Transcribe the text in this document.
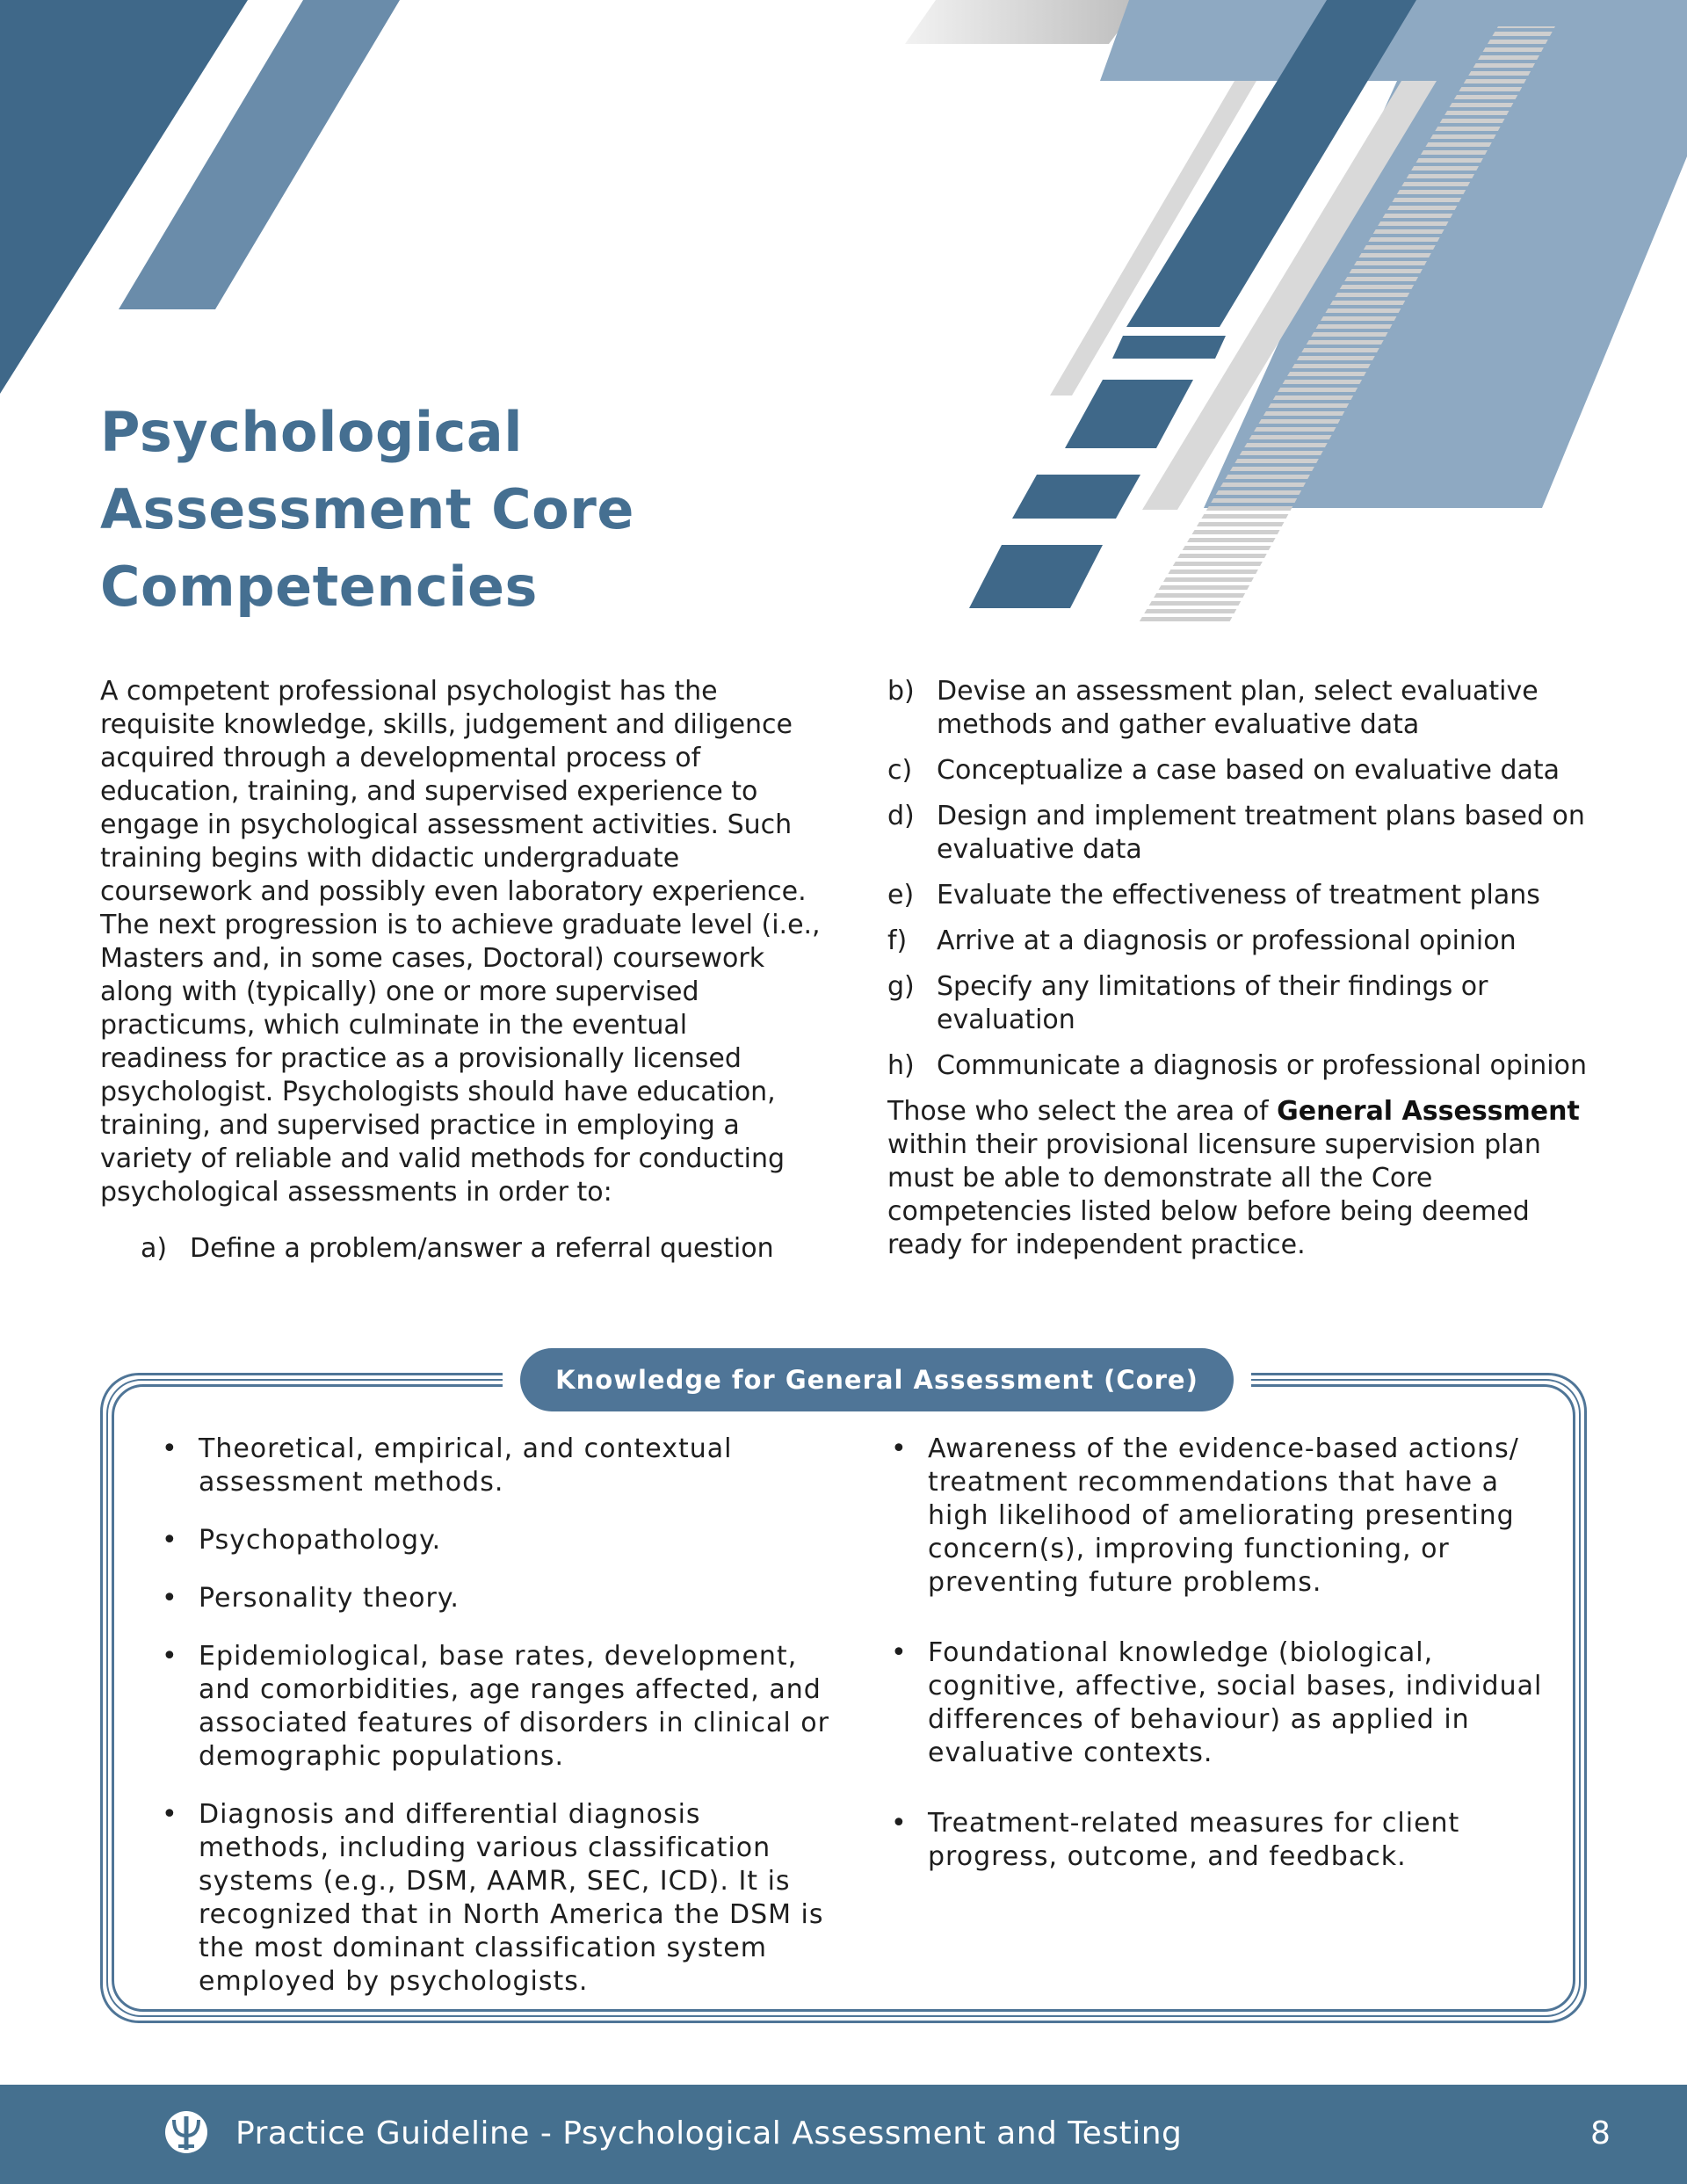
Psychological
Assessment Core
Competencies

A competent professional psychologist has the requisite knowledge, skills, judgement and diligence acquired through a developmental process of education, training, and supervised experience to engage in psychological assessment activities. Such training begins with didactic undergraduate coursework and possibly even laboratory experience. The next progression is to achieve graduate level (i.e., Masters and, in some cases, Doctoral) coursework along with (typically) one or more supervised practicums, which culminate in the eventual readiness for practice as a provisionally licensed psychologist. Psychologists should have education, training, and supervised practice in employing a variety of reliable and valid methods for conducting psychological assessments in order to:

a) Define a problem/answer a referral question
b) Devise an assessment plan, select evaluative methods and gather evaluative data
c) Conceptualize a case based on evaluative data
d) Design and implement treatment plans based on evaluative data
e) Evaluate the effectiveness of treatment plans
f)	Arrive at a diagnosis or professional opinion
g) Specify any limitations of their findings or evaluation
h) Communicate a diagnosis or professional opinion

Those who select the area of General Assessment within their provisional licensure supervision plan must be able to demonstrate all the Core competencies listed below before being deemed ready for independent practice.

Knowledge for General Assessment (Core)
• Theoretical, empirical, and contextual assessment methods.
• Psychopathology.
• Personality theory.
• Epidemiological, base rates, development, and comorbidities, age ranges affected, and associated features of disorders in clinical or demographic populations.
• Diagnosis and differential diagnosis methods, including various classification systems (e.g., DSM, AAMR, SEC, ICD). It is recognized that in North America the DSM is the most dominant classification system employed by psychologists.
• Awareness of the evidence-based actions/ treatment recommendations that have a high likelihood of ameliorating presenting concern(s), improving functioning, or preventing future problems.
• Foundational knowledge (biological, cognitive, affective, social bases, individual differences of behaviour) as applied in evaluative contexts.
• Treatment-related measures for client progress, outcome, and feedback.
Practice Guideline - Psychological Assessment and Testing	8
